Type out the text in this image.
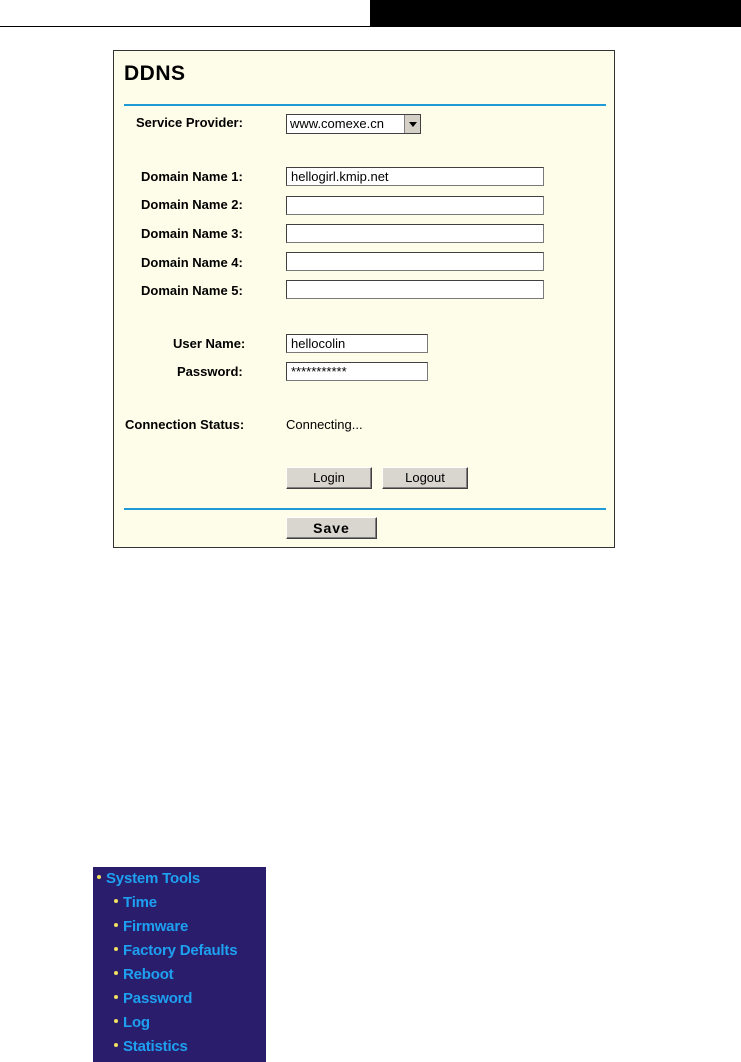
DDNS
Service Provider:	www.comexe.cn
Domain Name 1:
hellogirl.kmip.net
Domain Name 2:
Domain Name 3:
Domain Name 4:
Domain Name 5:
User Name:
hellocolin
Password:
***********
Connection Status:	Connecting...
Login	Logout
Save
System Tools
Time
Firmware
Factory Defaults
Reboot
Password
Log
Statistics
